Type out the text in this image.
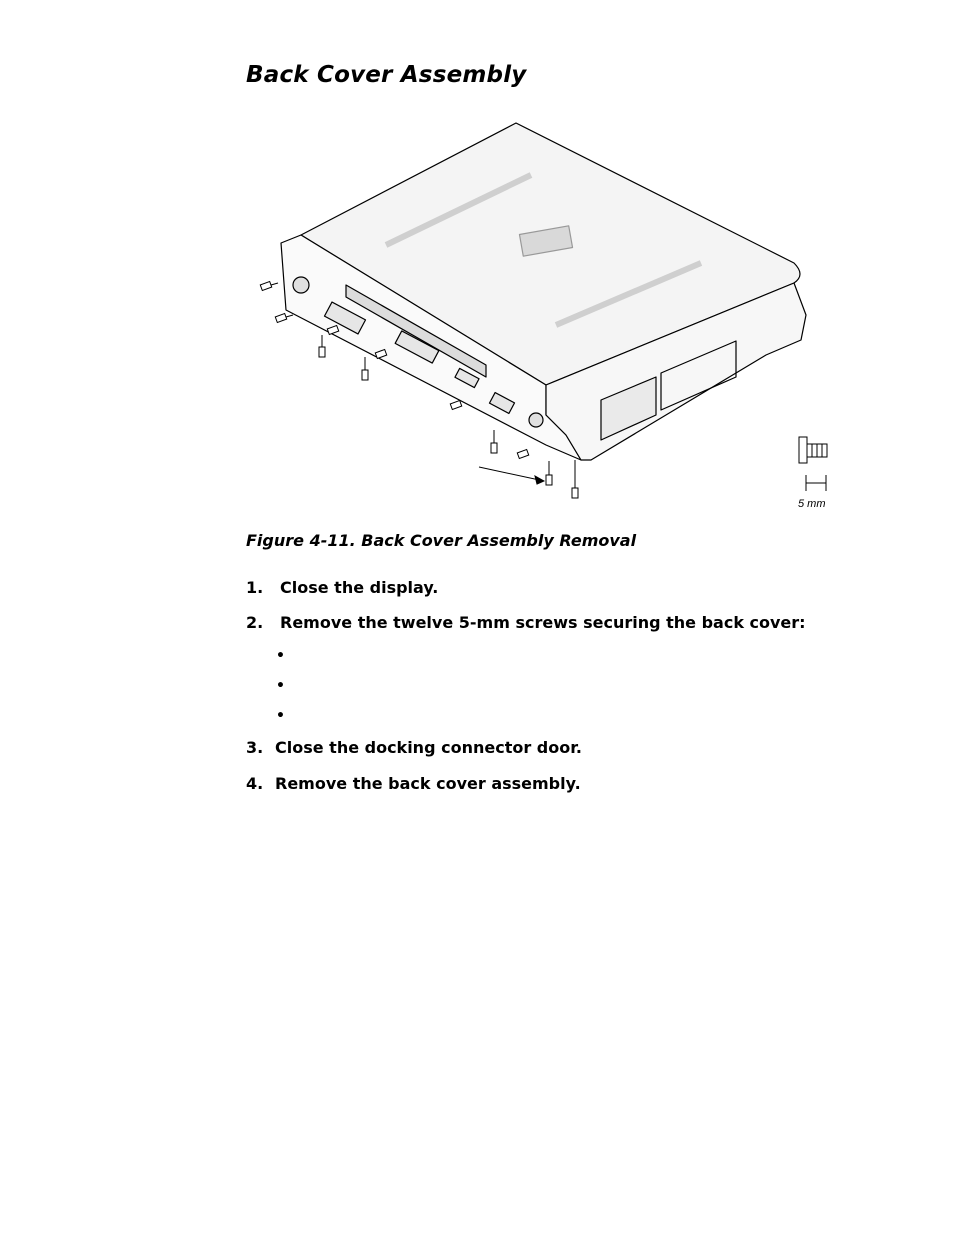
Back Cover Assembly
5 mm
Figure 4-11. Back Cover Assembly Removal
1. Close the display.
2. Remove the twelve 5-mm screws securing the back cover:
•
•
•
3. Close the docking connector door.
4. Remove the back cover assembly.
